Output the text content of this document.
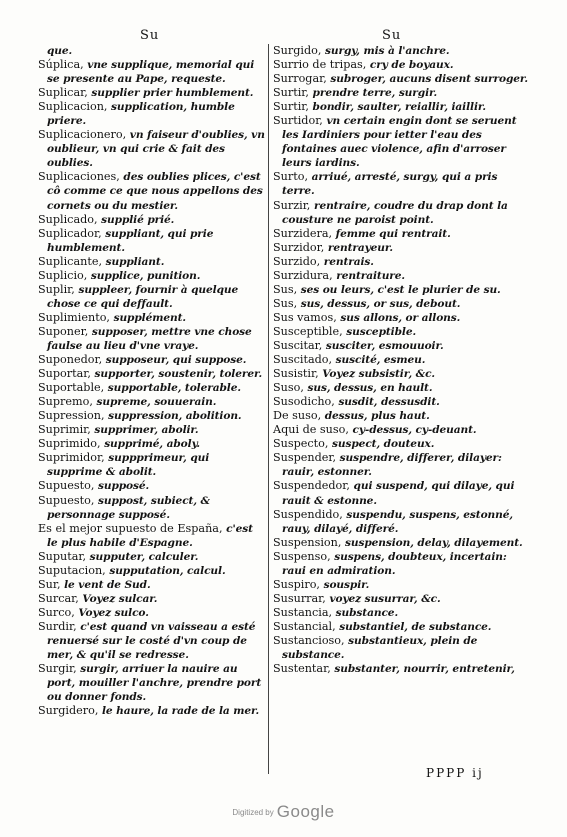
Su	Su

que.

Súplica, vne supplique, memorial qui se presente au Pape, requeste.

Suplicar, supplier prier humblement.

Suplicacion, supplication, humble priere.

Suplicacionero, vn faiseur d'oublies, vn oublieur, vn qui crie & fait des oublies.

Suplicaciones, des oublies plices, c'est cô comme ce que nous appellons des cornets ou du mestier.

Suplicado, supplié prié.

Suplicador, suppliant, qui prie humblement.

Suplicante, suppliant.

Suplicio, supplice, punition.

Suplir, suppleer, fournir à quelque chose ce qui deffault.

Suplimiento, supplément.

Suponer, supposer, mettre vne chose faulse au lieu d'vne vraye.

Suponedor, supposeur, qui suppose.

Suportar, supporter, soustenir, tolerer.

Suportable, supportable, tolerable.

Supremo, supreme, souuerain.

Supression, suppression, abolition.

Suprimir, supprimer, abolir.

Suprimido, supprimé, aboly.

Suprimidor, suppprimeur, qui supprime & abolit.

Supuesto, supposé.

Supuesto, suppost, subiect, & personnage supposé.

Es el mejor supuesto de España, c'est le plus habile d'Espagne.

Suputar, supputer, calculer.

Suputacion, supputation, calcul.

Sur, le vent de Sud.

Surcar, Voyez sulcar.

Surco, Voyez sulco.

Surdir, c'est quand vn vaisseau a esté renuersé sur le costé d'vn coup de mer, & qu'il se redresse.

Surgir, surgir, arriuer la nauire au port, mouiller l'anchre, prendre port ou donner fonds.

Surgidero, le haure, la rade de la mer.

Surgido, surgy, mis à l'anchre.

Surrio de tripas, cry de boyaux.

Surrogar, subroger, aucuns disent surroger.

Surtir, prendre terre, surgir.

Surtir, bondir, saulter, reiallir, iaillir.

Surtidor, vn certain engin dont se seruent les Iardiniers pour ietter l'eau des fontaines auec violence, afin d'arroser leurs iardins.

Surto, arriué, arresté, surgy, qui a pris terre.

Surzir, rentraire, coudre du drap dont la cousture ne paroist point.

Surzidera, femme qui rentrait.

Surzidor, rentrayeur.

Surzido, rentrais.

Surzidura, rentraiture.

Sus, ses ou leurs, c'est le plurier de su.

Sus, sus, dessus, or sus, debout.

Sus vamos, sus allons, or allons.

Susceptible, susceptible.

Suscitar, susciter, esmouuoir.

Suscitado, suscité, esmeu.

Susistir, Voyez subsistir, &c.

Suso, sus, dessus, en hault.

Susodicho, susdit, dessusdit.

De suso, dessus, plus haut.

Aqui de suso, cy-dessus, cy-deuant.

Suspecto, suspect, douteux.

Suspender, suspendre, differer, dilayer: rauir, estonner.

Suspendedor, qui suspend, qui dilaye, qui rauit & estonne.

Suspendido, suspendu, suspens, estonné, rauy, dilayé, differé.

Suspension, suspension, delay, dilayement.

Suspenso, suspens, doubteux, incertain: raui en admiration.

Suspiro, souspir.

Susurrar, voyez susurrar, &c.

Sustancia, substance.

Sustancial, substantiel, de substance.

Sustancioso, substantieux, plein de substance.

Sustentar, substanter, nourrir, entretenir,

PPPP ij
Digitized by Google
